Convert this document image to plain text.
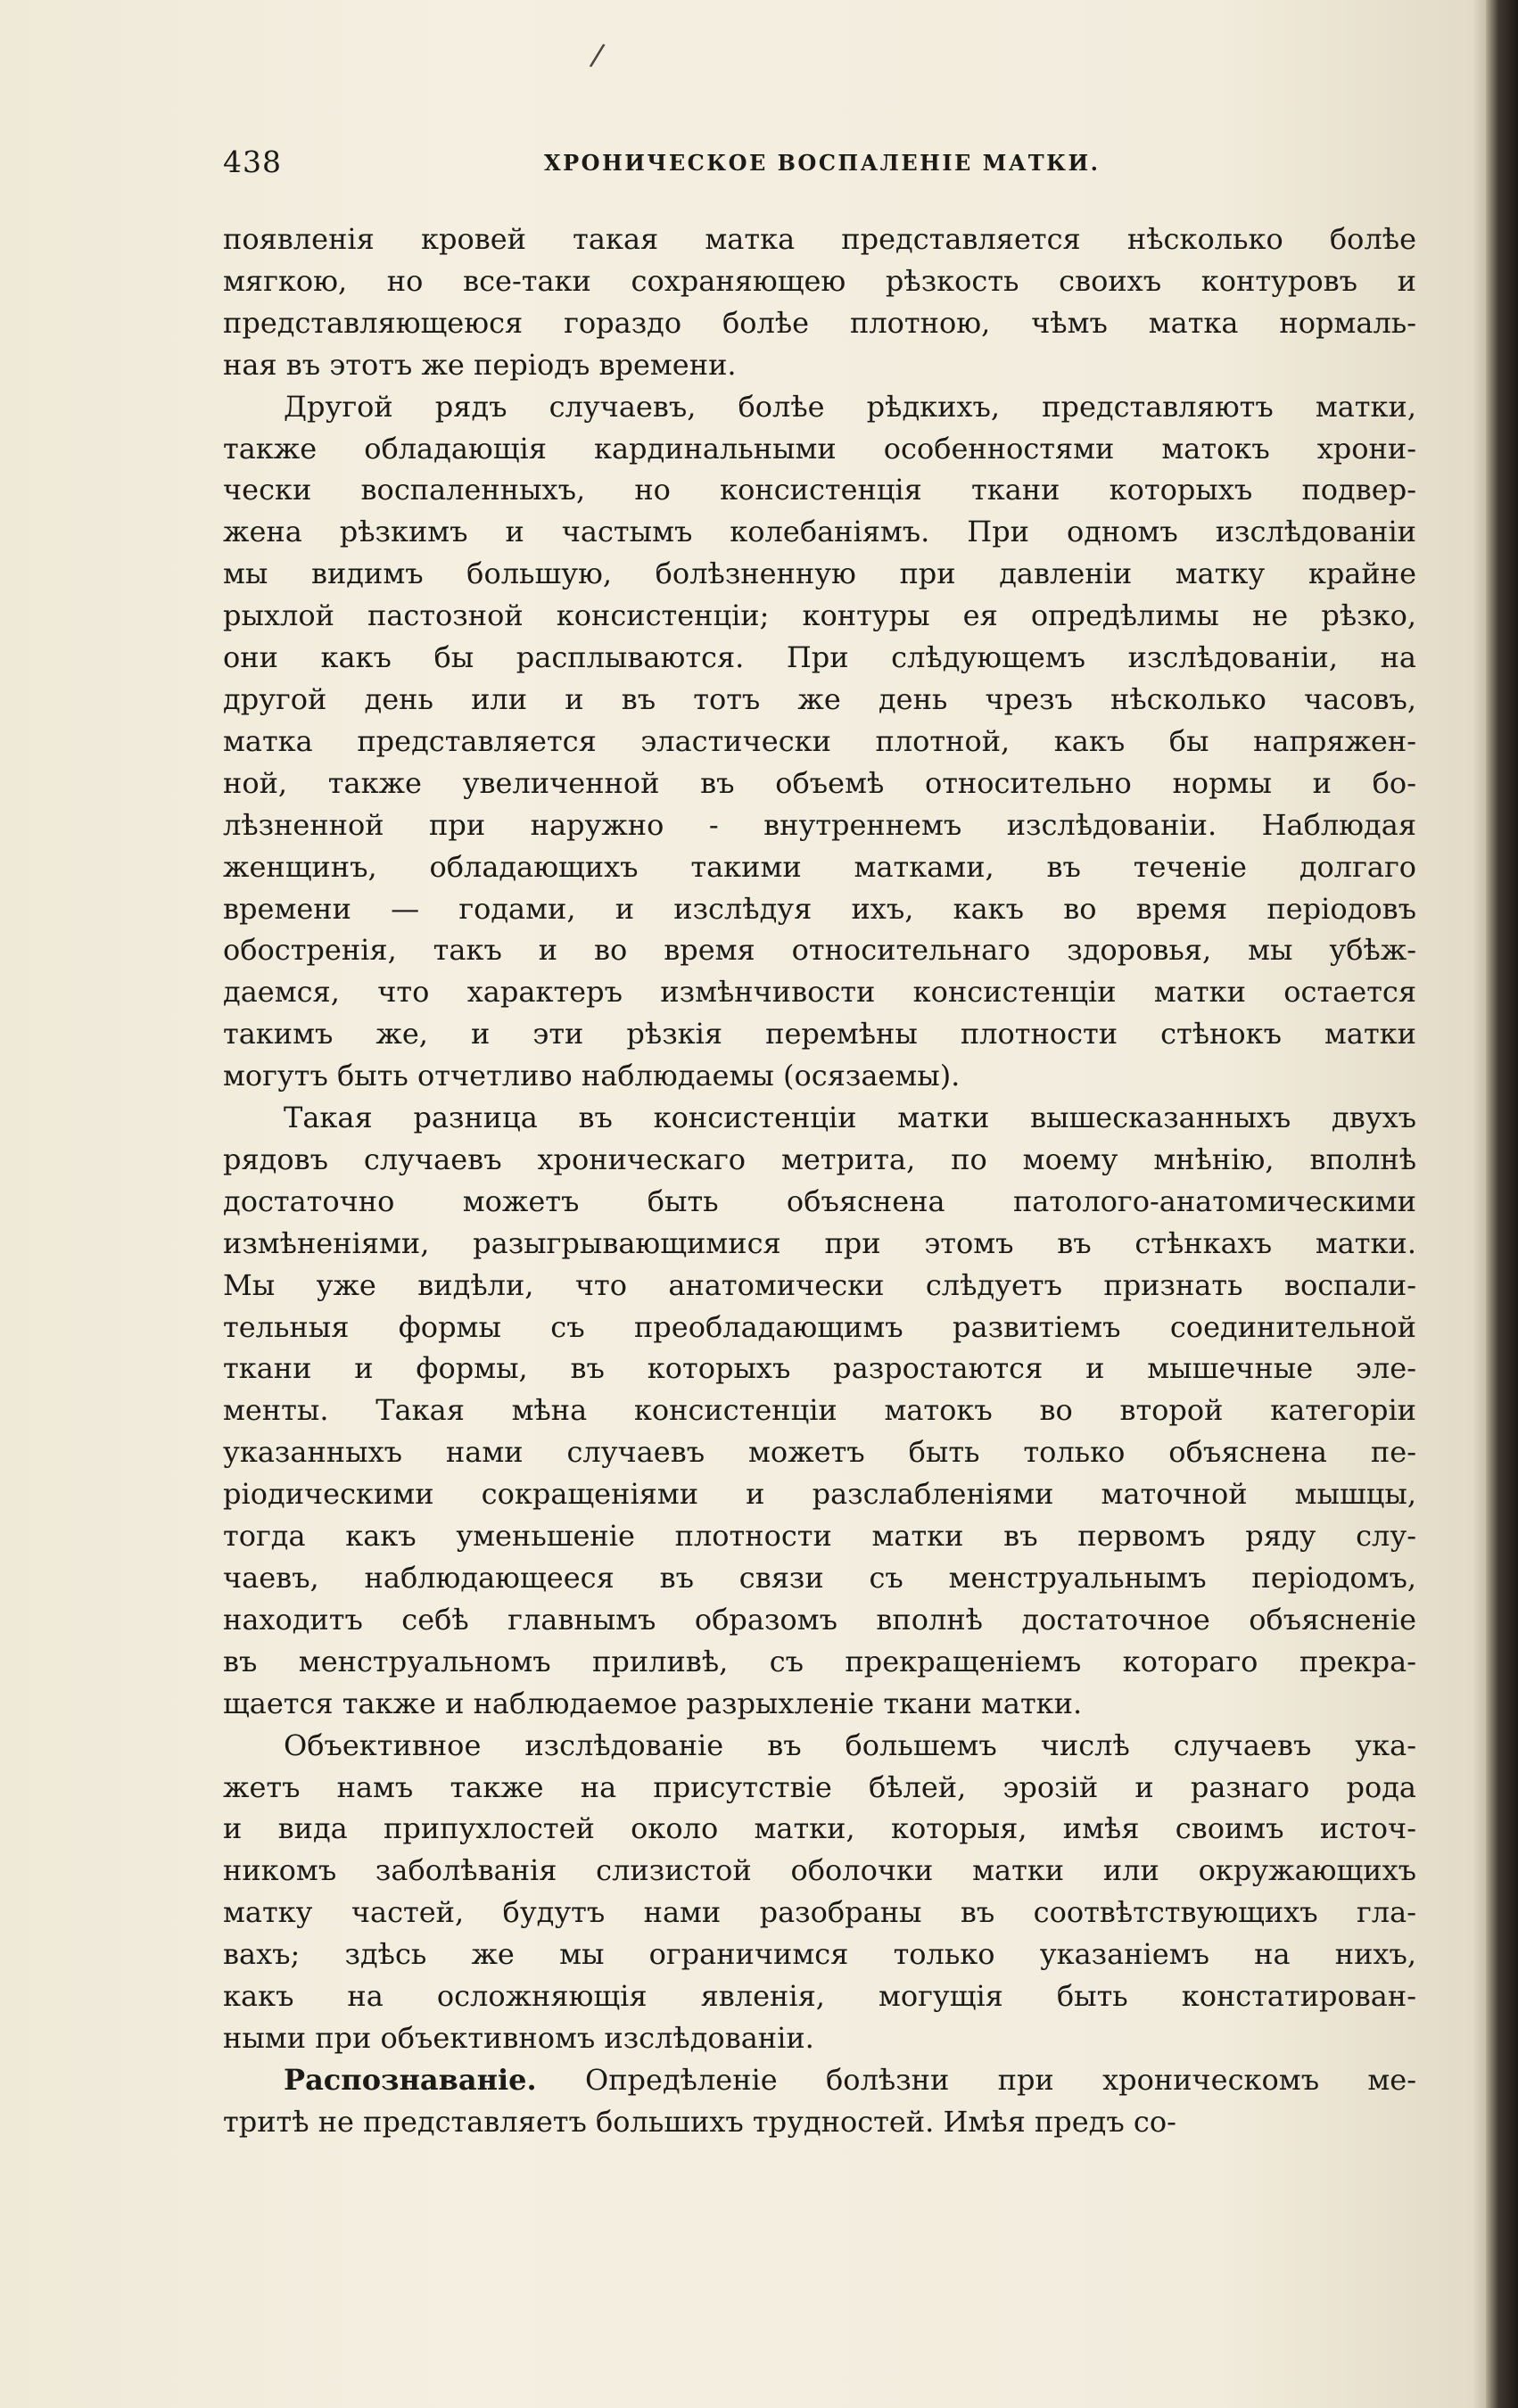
/
438	ХРОНИЧЕСКОЕ ВОСПАЛЕНІЕ МАТКИ.

появленія кровей такая матка представляется нѣсколько болѣе
мягкою, но все-таки сохраняющею рѣзкость своихъ контуровъ и
представляющеюся гораздо болѣе плотною, чѣмъ матка нормаль-
ная въ этотъ же періодъ времени.

Другой рядъ случаевъ, болѣе рѣдкихъ, представляютъ матки,
также обладающія кардинальными особенностями матокъ хрони-
чески воспаленныхъ, но консистенція ткани которыхъ подвер-
жена рѣзкимъ и частымъ колебаніямъ. При одномъ изслѣдованіи
мы видимъ большую, болѣзненную при давленіи матку крайне
рыхлой пастозной консистенціи; контуры ея опредѣлимы не рѣзко,
они какъ бы расплываются. При слѣдующемъ изслѣдованіи, на
другой день или и въ тотъ же день чрезъ нѣсколько часовъ,
матка представляется эластически плотной, какъ бы напряжен-
ной, также увеличенной въ объемѣ относительно нормы и бо-
лѣзненной при наружно - внутреннемъ изслѣдованіи. Наблюдая
женщинъ, обладающихъ такими матками, въ теченіе долгаго
времени — годами, и изслѣдуя ихъ, какъ во время періодовъ
обостренія, такъ и во время относительнаго здоровья, мы убѣж-
даемся, что характеръ измѣнчивости консистенціи матки остается
такимъ же, и эти рѣзкія перемѣны плотности стѣнокъ матки
могутъ быть отчетливо наблюдаемы (осязаемы).

Такая разница въ консистенціи матки вышесказанныхъ двухъ
рядовъ случаевъ хроническаго метрита, по моему мнѣнію, вполнѣ
достаточно можетъ быть объяснена патолого-анатомическими
измѣненіями, разыгрывающимися при этомъ въ стѣнкахъ матки.
Мы уже видѣли, что анатомически слѣдуетъ признать воспали-
тельныя формы съ преобладающимъ развитіемъ соединительной
ткани и формы, въ которыхъ разростаются и мышечные эле-
менты. Такая мѣна консистенціи матокъ во второй категоріи
указанныхъ нами случаевъ можетъ быть только объяснена пе-
ріодическими сокращеніями и разслабленіями маточной мышцы,
тогда какъ уменьшеніе плотности матки въ первомъ ряду слу-
чаевъ, наблюдающееся въ связи съ менструальнымъ періодомъ,
находитъ себѣ главнымъ образомъ вполнѣ достаточное объясненіе
въ менструальномъ приливѣ, съ прекращеніемъ котораго прекра-
щается также и наблюдаемое разрыхленіе ткани матки.

Объективное изслѣдованіе въ большемъ числѣ случаевъ ука-
жетъ намъ также на присутствіе бѣлей, эрозій и разнаго рода
и вида припухлостей около матки, которыя, имѣя своимъ источ-
никомъ заболѣванія слизистой оболочки матки или окружающихъ
матку частей, будутъ нами разобраны въ соотвѣтствующихъ гла-
вахъ; здѣсь же мы ограничимся только указаніемъ на нихъ,
какъ на осложняющія явленія, могущія быть констатирован-
ными при объективномъ изслѣдованіи.

Распознаваніе. Опредѣленіе болѣзни при хроническомъ ме-
тритѣ не представляетъ большихъ трудностей. Имѣя предъ со-
